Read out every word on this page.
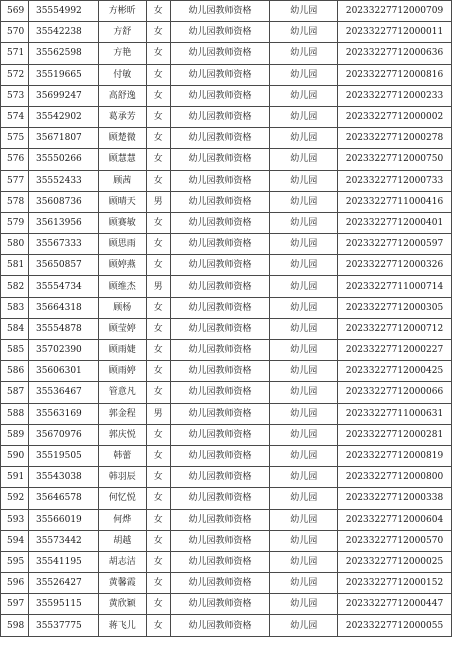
569	35554992	方彬昕	女	幼儿园教师资格	幼儿园	20233227712000709
570	35542238	方舒	女	幼儿园教师资格	幼儿园	20233227712000011
571	35562598	方艳	女	幼儿园教师资格	幼儿园	20233227712000636
572	35519665	付敏	女	幼儿园教师资格	幼儿园	20233227712000816
573	35699247	高舒逸	女	幼儿园教师资格	幼儿园	20233227712000233
574	35542902	葛承芳	女	幼儿园教师资格	幼儿园	20233227712000002
575	35671807	顾楚微	女	幼儿园教师资格	幼儿园	20233227712000278
576	35550266	顾慧慧	女	幼儿园教师资格	幼儿园	20233227712000750
577	35552433	顾茜	女	幼儿园教师资格	幼儿园	20233227712000733
578	35608736	顾晴天	男	幼儿园教师资格	幼儿园	20233227711000416
579	35613956	顾赛敏	女	幼儿园教师资格	幼儿园	20233227712000401
580	35567333	顾思雨	女	幼儿园教师资格	幼儿园	20233227712000597
581	35650857	顾婷燕	女	幼儿园教师资格	幼儿园	20233227712000326
582	35554734	顾维杰	男	幼儿园教师资格	幼儿园	20233227711000714
583	35664318	顾杨	女	幼儿园教师资格	幼儿园	20233227712000305
584	35554878	顾莹婷	女	幼儿园教师资格	幼儿园	20233227712000712
585	35702390	顾雨婕	女	幼儿园教师资格	幼儿园	20233227712000227
586	35606301	顾雨婷	女	幼儿园教师资格	幼儿园	20233227712000425
587	35536467	管意凡	女	幼儿园教师资格	幼儿园	20233227712000066
588	35563169	郭金程	男	幼儿园教师资格	幼儿园	20233227711000631
589	35670976	郭庆悦	女	幼儿园教师资格	幼儿园	20233227712000281
590	35519505	韩蕾	女	幼儿园教师资格	幼儿园	20233227712000819
591	35543038	韩羽辰	女	幼儿园教师资格	幼儿园	20233227712000800
592	35646578	何忆悦	女	幼儿园教师资格	幼儿园	20233227712000338
593	35566019	何烨	女	幼儿园教师资格	幼儿园	20233227712000604
594	35573442	胡越	女	幼儿园教师资格	幼儿园	20233227712000570
595	35541195	胡志洁	女	幼儿园教师资格	幼儿园	20233227712000025
596	35526427	黄馨霞	女	幼儿园教师资格	幼儿园	20233227712000152
597	35595115	黄欣颖	女	幼儿园教师资格	幼儿园	20233227712000447
598	35537775	蒋飞儿	女	幼儿园教师资格	幼儿园	20233227712000055
